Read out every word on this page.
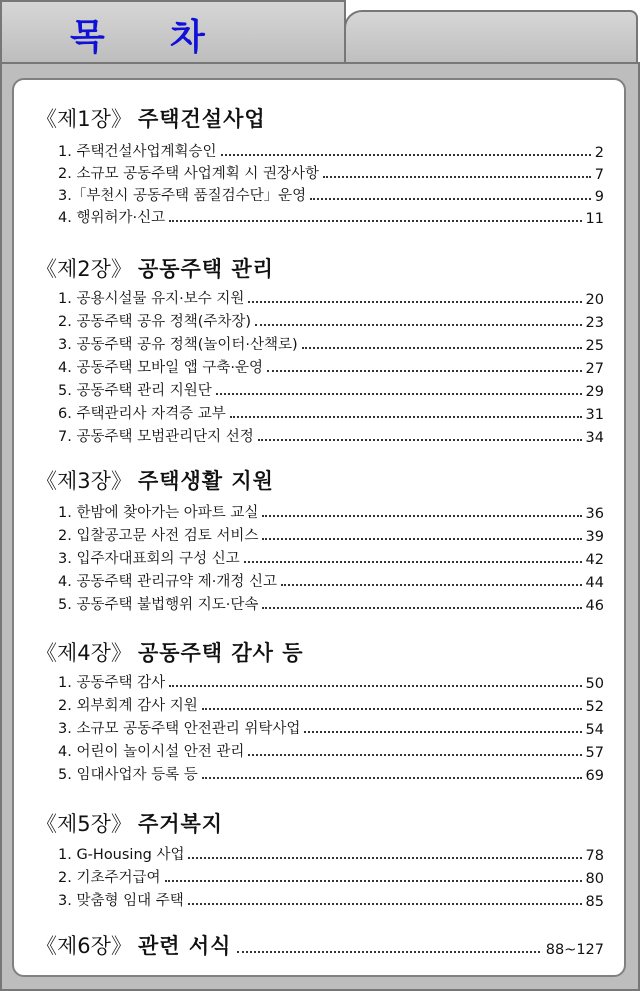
목 차
《제1장》 주택건설사업
1. 주택건설사업계획승인	2
2. 소규모 공동주택 사업계획 시 권장사항	7
3.「부천시 공동주택 품질검수단」운영	9
4. 행위허가·신고	11
《제2장》 공동주택 관리
1. 공용시설물 유지·보수 지원	20
2. 공동주택 공유 정책(주차장)	23
3. 공동주택 공유 정책(놀이터·산책로)	25
4. 공동주택 모바일 앱 구축·운영	27
5. 공동주택 관리 지원단	29
6. 주택관리사 자격증 교부	31
7. 공동주택 모범관리단지 선정	34
《제3장》 주택생활 지원
1. 한밤에 찾아가는 아파트 교실	36
2. 입찰공고문 사전 검토 서비스	39
3. 입주자대표회의 구성 신고	42
4. 공동주택 관리규약 제·개정 신고	44
5. 공동주택 불법행위 지도·단속	46
《제4장》 공동주택 감사 등
1. 공동주택 감사	50
2. 외부회계 감사 지원	52
3. 소규모 공동주택 안전관리 위탁사업	54
4. 어린이 놀이시설 안전 관리	57
5. 임대사업자 등록 등	69
《제5장》 주거복지
1. G-Housing 사업	78
2. 기초주거급여	80
3. 맞춤형 임대 주택	85
《제6장》 관련 서식	88~127
